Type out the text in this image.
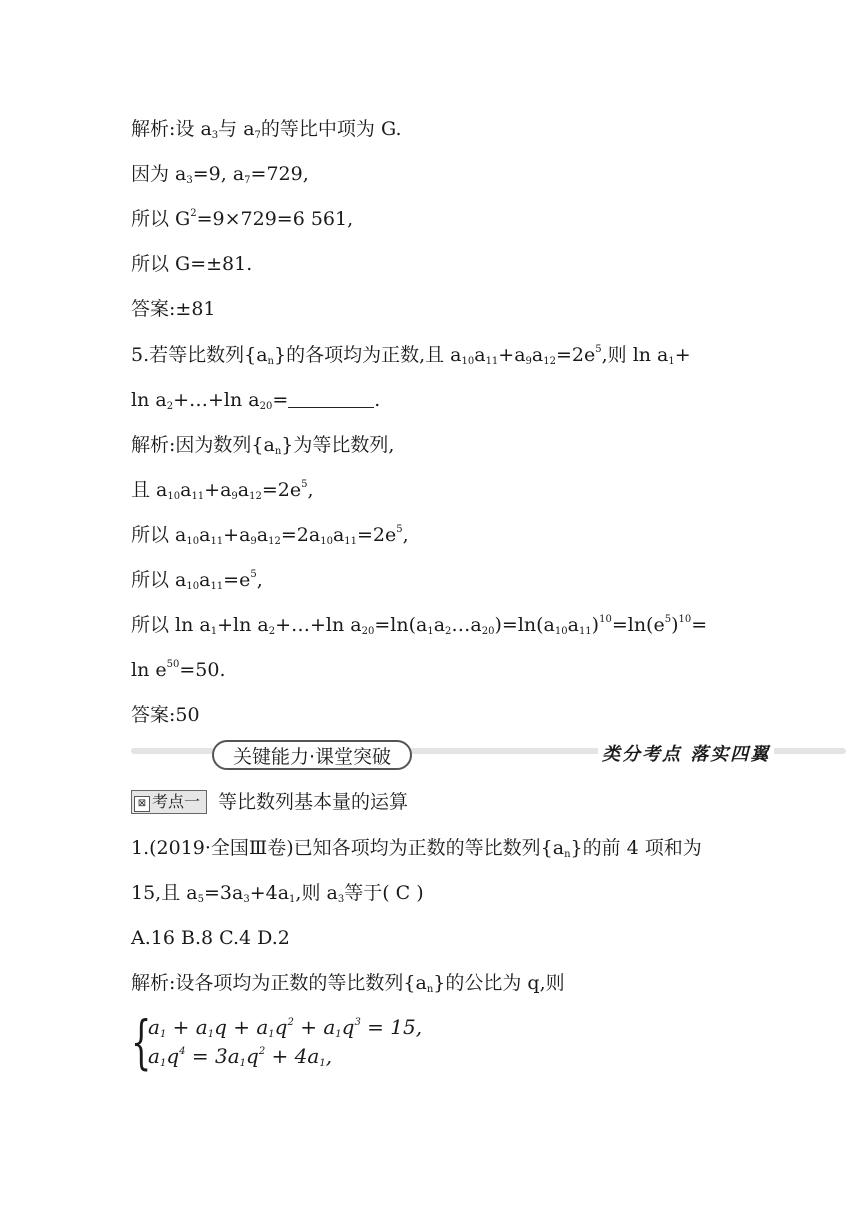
解析:设 $a_3$与 $a_7$的等比中项为 G.
因为 $a_3=9$, $a_7=729$,
所以 $G^2=9\times 729=6$ 561,
所以 G=±81.
答案:±81
5.若等比数列$\{a_n\}$的各项均为正数,且 $a_{10}a_{11}+a_9a_{12}=2e^5$,则 $\ln a_1+$
$\ln a_2+\dots+\ln$ $a_{20}=$	.
解析:因为数列$\{a_n\}$为等比数列,
且 $a_{10}a_{11}+a_9a_{12}=2e^5$,
所以 $a_{10}a_{11}+a_9a_{12}=2a_{10}a_{11}=2e^5$,
所以 $a_{10}a_{11}=e^5$,
所以 $\ln a_1+\ln$ $a_2+\dots+\ln$ $a_{20}=\ln(a_1a_2\dots a_{20})=\ln(a_{10}a_{11})^{10}=\ln(e^5)^{10}=$
$\ln e^{50}=50$.
答案:50
关键能力·课堂突破	类分考点 落实四翼
⊠ 考点一 等比数列基本量的运算
1.(2019·全国Ⅲ卷)已知各项均为正数的等比数列$\{a_n\}$的前 4 项和为
15,且 $a_5=3a_3+4a_1$,则 $a_3$等于( C )
A.16 B.8 C.4 D.2
解析:设各项均为正数的等比数列$\{a_n\}$的公比为 q,则
{
$a_1 + a_1q + a_1q^2 + a_1q^3 = 15$,
$a_1q^4 = 3a_1q^2 + 4a_1$,
